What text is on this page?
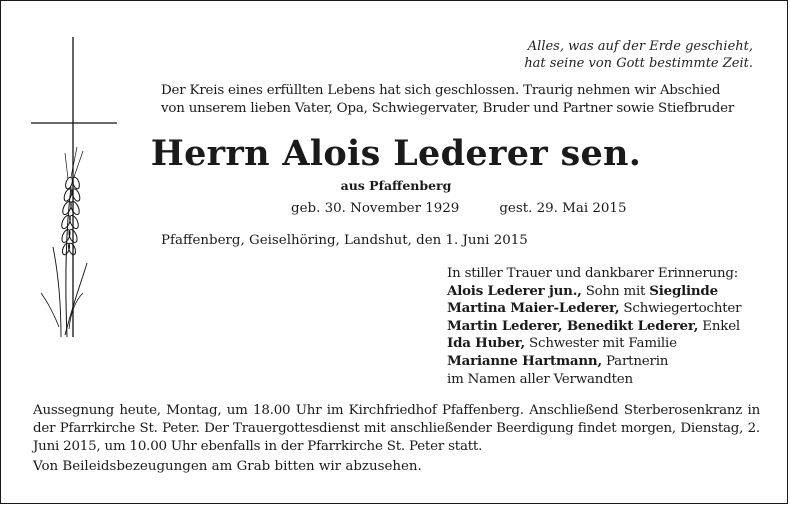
Alles, was auf der Erde geschieht,
hat seine von Gott bestimmte Zeit.
Der Kreis eines erfüllten Lebens hat sich geschlossen. Traurig nehmen wir Abschied
von unserem lieben Vater, Opa, Schwiegervater, Bruder und Partner sowie Stiefbruder
Herrn Alois Lederer sen.
aus Pfaffenberg
geb. 30. November 1929	gest. 29. Mai 2015
Pfaffenberg, Geiselhöring, Landshut, den 1. Juni 2015
In stiller Trauer und dankbarer Erinnerung:
Alois Lederer jun., Sohn mit Sieglinde
Martina Maier-Lederer, Schwiegertochter
Martin Lederer, Benedikt Lederer, Enkel
Ida Huber, Schwester mit Familie
Marianne Hartmann, Partnerin
im Namen aller Verwandten
Aussegnung heute, Montag, um 18.00 Uhr im Kirchfriedhof Pfaffenberg. Anschließend Sterberosenkranz in der Pfarrkirche St. Peter. Der Trauergottesdienst mit anschließender Beerdigung findet morgen, Dienstag, 2. Juni 2015, um 10.00 Uhr ebenfalls in der Pfarrkirche St. Peter statt.
Von Beileidsbezeugungen am Grab bitten wir abzusehen.
